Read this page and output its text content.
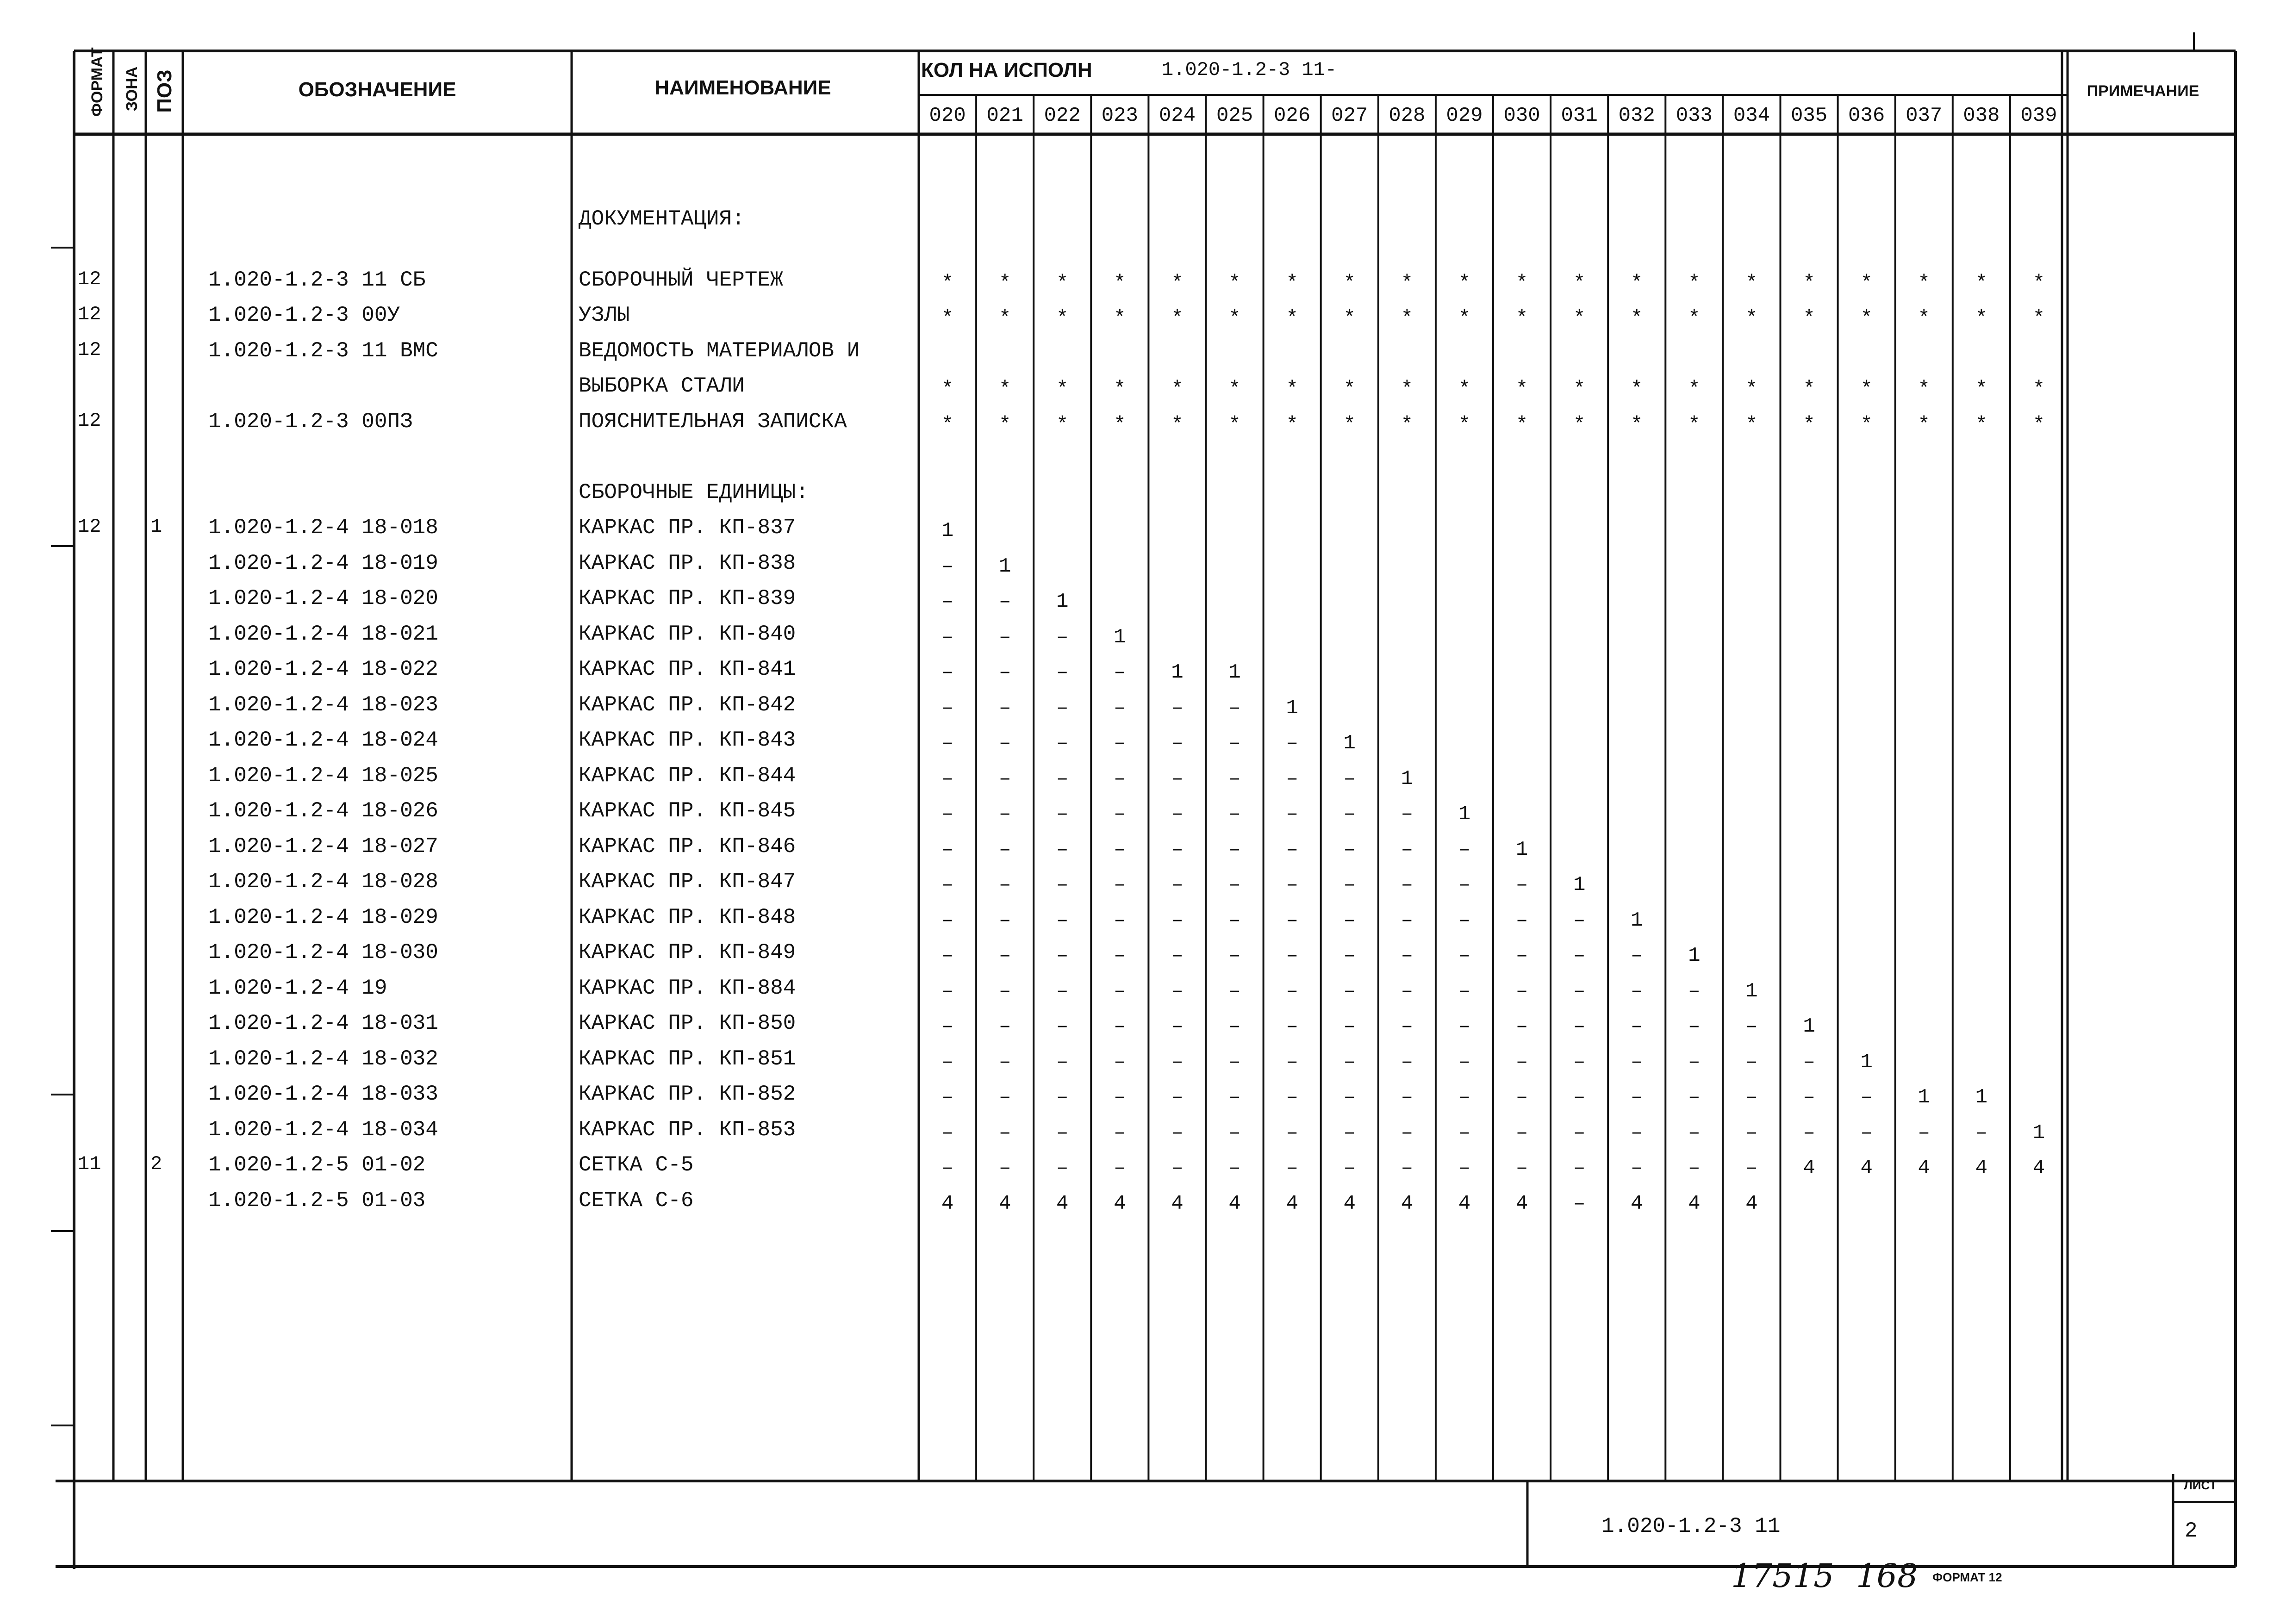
ФОРМАТ ЗОНА ПОЗ	ОБОЗНАЧЕНИЕ	НАИМЕНОВАНИЕ
КОЛ НА ИСПОЛН	1.020-1.2-3 11-
ПРИМЕЧАНИЕ
020	021	022	023	024	025	026	027	028	029	030	031	032	033	034	035	036	037	038	039
ДОКУМЕНТАЦИЯ:
12	1.020-1.2-3 11 СБ	СБОРОЧНЫЙ ЧЕРТЕЖ	*	*	*	*	*	*	*	*	*	*	*	*	*	*	*	*	*	*	*	*
12	1.020-1.2-3 00У	УЗЛЫ	*	*	*	*	*	*	*	*	*	*	*	*	*	*	*	*	*	*	*	*
12	1.020-1.2-3 11 ВМС	ВЕДОМОСТЬ МАТЕРИАЛОВ И
ВЫБОРКА СТАЛИ	*	*	*	*	*	*	*	*	*	*	*	*	*	*	*	*	*	*	*	*
12	1.020-1.2-3 00ПЗ	ПОЯСНИТЕЛЬНАЯ ЗАПИСКА	*	*	*	*	*	*	*	*	*	*	*	*	*	*	*	*	*	*	*	*
СБОРОЧНЫЕ ЕДИНИЦЫ:
12	1	1.020-1.2-4 18-018	КАРКАС ПР. КП-837	1
1.020-1.2-4 18-019	КАРКАС ПР. КП-838	–	1
1.020-1.2-4 18-020	КАРКАС ПР. КП-839	–	–	1
1.020-1.2-4 18-021	КАРКАС ПР. КП-840	–	–	–	1
1.020-1.2-4 18-022	КАРКАС ПР. КП-841	–	–	–	–	1	1
1.020-1.2-4 18-023	КАРКАС ПР. КП-842	–	–	–	–	–	–	1
1.020-1.2-4 18-024	КАРКАС ПР. КП-843	–	–	–	–	–	–	–	1
1.020-1.2-4 18-025	КАРКАС ПР. КП-844	–	–	–	–	–	–	–	–	1
1.020-1.2-4 18-026	КАРКАС ПР. КП-845	–	–	–	–	–	–	–	–	–	1
1.020-1.2-4 18-027	КАРКАС ПР. КП-846	–	–	–	–	–	–	–	–	–	–	1
1.020-1.2-4 18-028	КАРКАС ПР. КП-847	–	–	–	–	–	–	–	–	–	–	–	1
1.020-1.2-4 18-029	КАРКАС ПР. КП-848	–	–	–	–	–	–	–	–	–	–	–	–	1
1.020-1.2-4 18-030	КАРКАС ПР. КП-849	–	–	–	–	–	–	–	–	–	–	–	–	–	1
1.020-1.2-4 19	КАРКАС ПР. КП-884	–	–	–	–	–	–	–	–	–	–	–	–	–	–	1
1.020-1.2-4 18-031	КАРКАС ПР. КП-850	–	–	–	–	–	–	–	–	–	–	–	–	–	–	–	1
1.020-1.2-4 18-032	КАРКАС ПР. КП-851	–	–	–	–	–	–	–	–	–	–	–	–	–	–	–	–	1
1.020-1.2-4 18-033	КАРКАС ПР. КП-852	–	–	–	–	–	–	–	–	–	–	–	–	–	–	–	–	–	1	1
1.020-1.2-4 18-034	КАРКАС ПР. КП-853	–	–	–	–	–	–	–	–	–	–	–	–	–	–	–	–	–	–	–	1
11	2	1.020-1.2-5 01-02	СЕТКА С-5	–	–	–	–	–	–	–	–	–	–	–	–	–	–	–	4	4	4	4	4
1.020-1.2-5 01-03	СЕТКА С-6	4	4	4	4	4	4	4	4	4	4	4	–	4	4	4
1.020-1.2-3 11
ЛИСТ
2
17515 168 ФОРМАТ 12
